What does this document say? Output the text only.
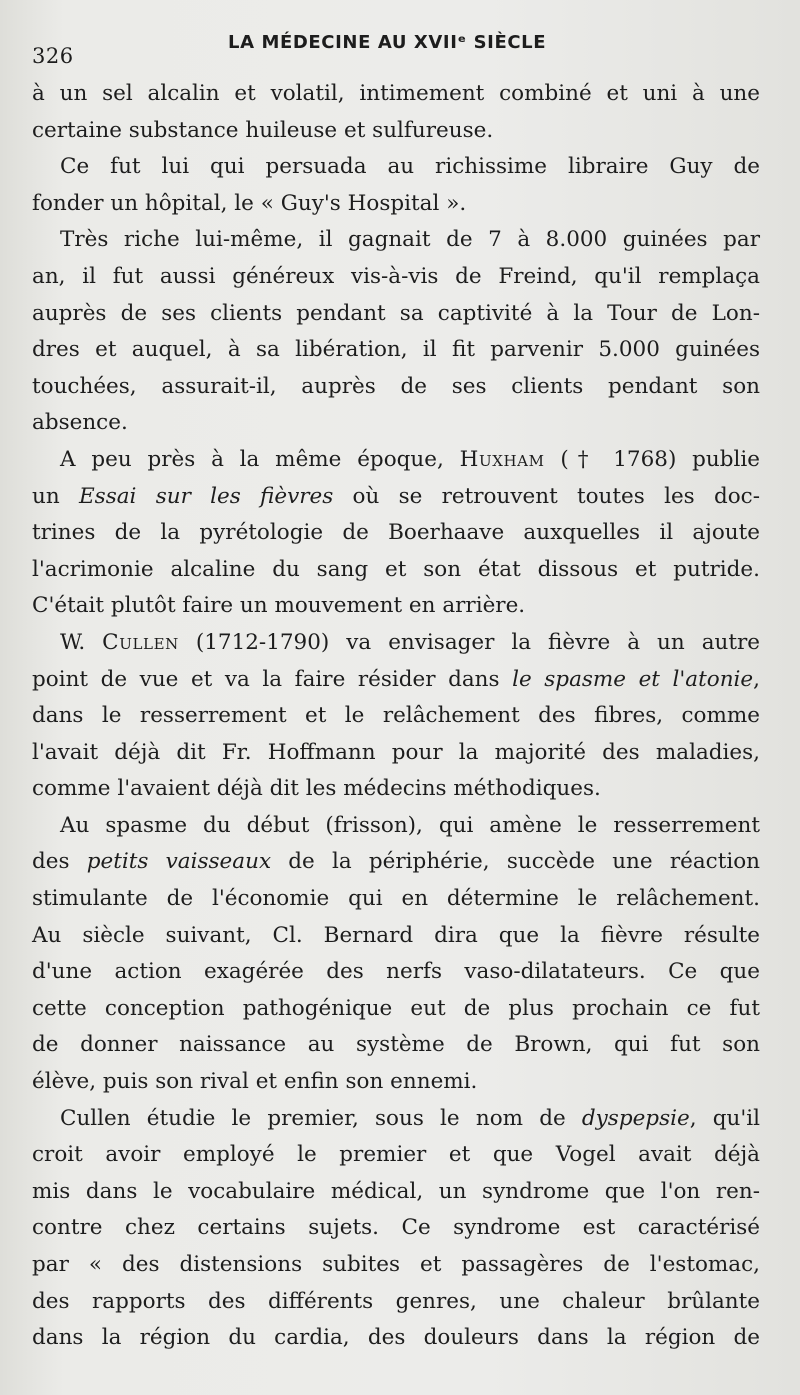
326
LA MÉDECINE AU XVIIᵉ SIÈCLE
à un sel alcalin et volatil, intimement combiné et uni à une
certaine substance huileuse et sulfureuse.
Ce fut lui qui persuada au richissime libraire Guy de
fonder un hôpital, le « Guy's Hospital ».
Très riche lui-même, il gagnait de 7 à 8.000 guinées par
an, il fut aussi généreux vis-à-vis de Freind, qu'il remplaça
auprès de ses clients pendant sa captivité à la Tour de Lon-
dres et auquel, à sa libération, il fit parvenir 5.000 guinées
touchées, assurait-il, auprès de ses clients pendant son
absence.
A peu près à la même époque, Huxham († 1768) publie
un Essai sur les fièvres où se retrouvent toutes les doc-
trines de la pyrétologie de Boerhaave auxquelles il ajoute
l'acrimonie alcaline du sang et son état dissous et putride.
C'était plutôt faire un mouvement en arrière.
W. Cullen (1712-1790) va envisager la fièvre à un autre
point de vue et va la faire résider dans le spasme et l'atonie,
dans le resserrement et le relâchement des fibres, comme
l'avait déjà dit Fr. Hoffmann pour la majorité des maladies,
comme l'avaient déjà dit les médecins méthodiques.
Au spasme du début (frisson), qui amène le resserrement
des petits vaisseaux de la périphérie, succède une réaction
stimulante de l'économie qui en détermine le relâchement.
Au siècle suivant, Cl. Bernard dira que la fièvre résulte
d'une action exagérée des nerfs vaso-dilatateurs. Ce que
cette conception pathogénique eut de plus prochain ce fut
de donner naissance au système de Brown, qui fut son
élève, puis son rival et enfin son ennemi.
Cullen étudie le premier, sous le nom de dyspepsie, qu'il
croit avoir employé le premier et que Vogel avait déjà
mis dans le vocabulaire médical, un syndrome que l'on ren-
contre chez certains sujets. Ce syndrome est caractérisé
par « des distensions subites et passagères de l'estomac,
des rapports des différents genres, une chaleur brûlante
dans la région du cardia, des douleurs dans la région de
